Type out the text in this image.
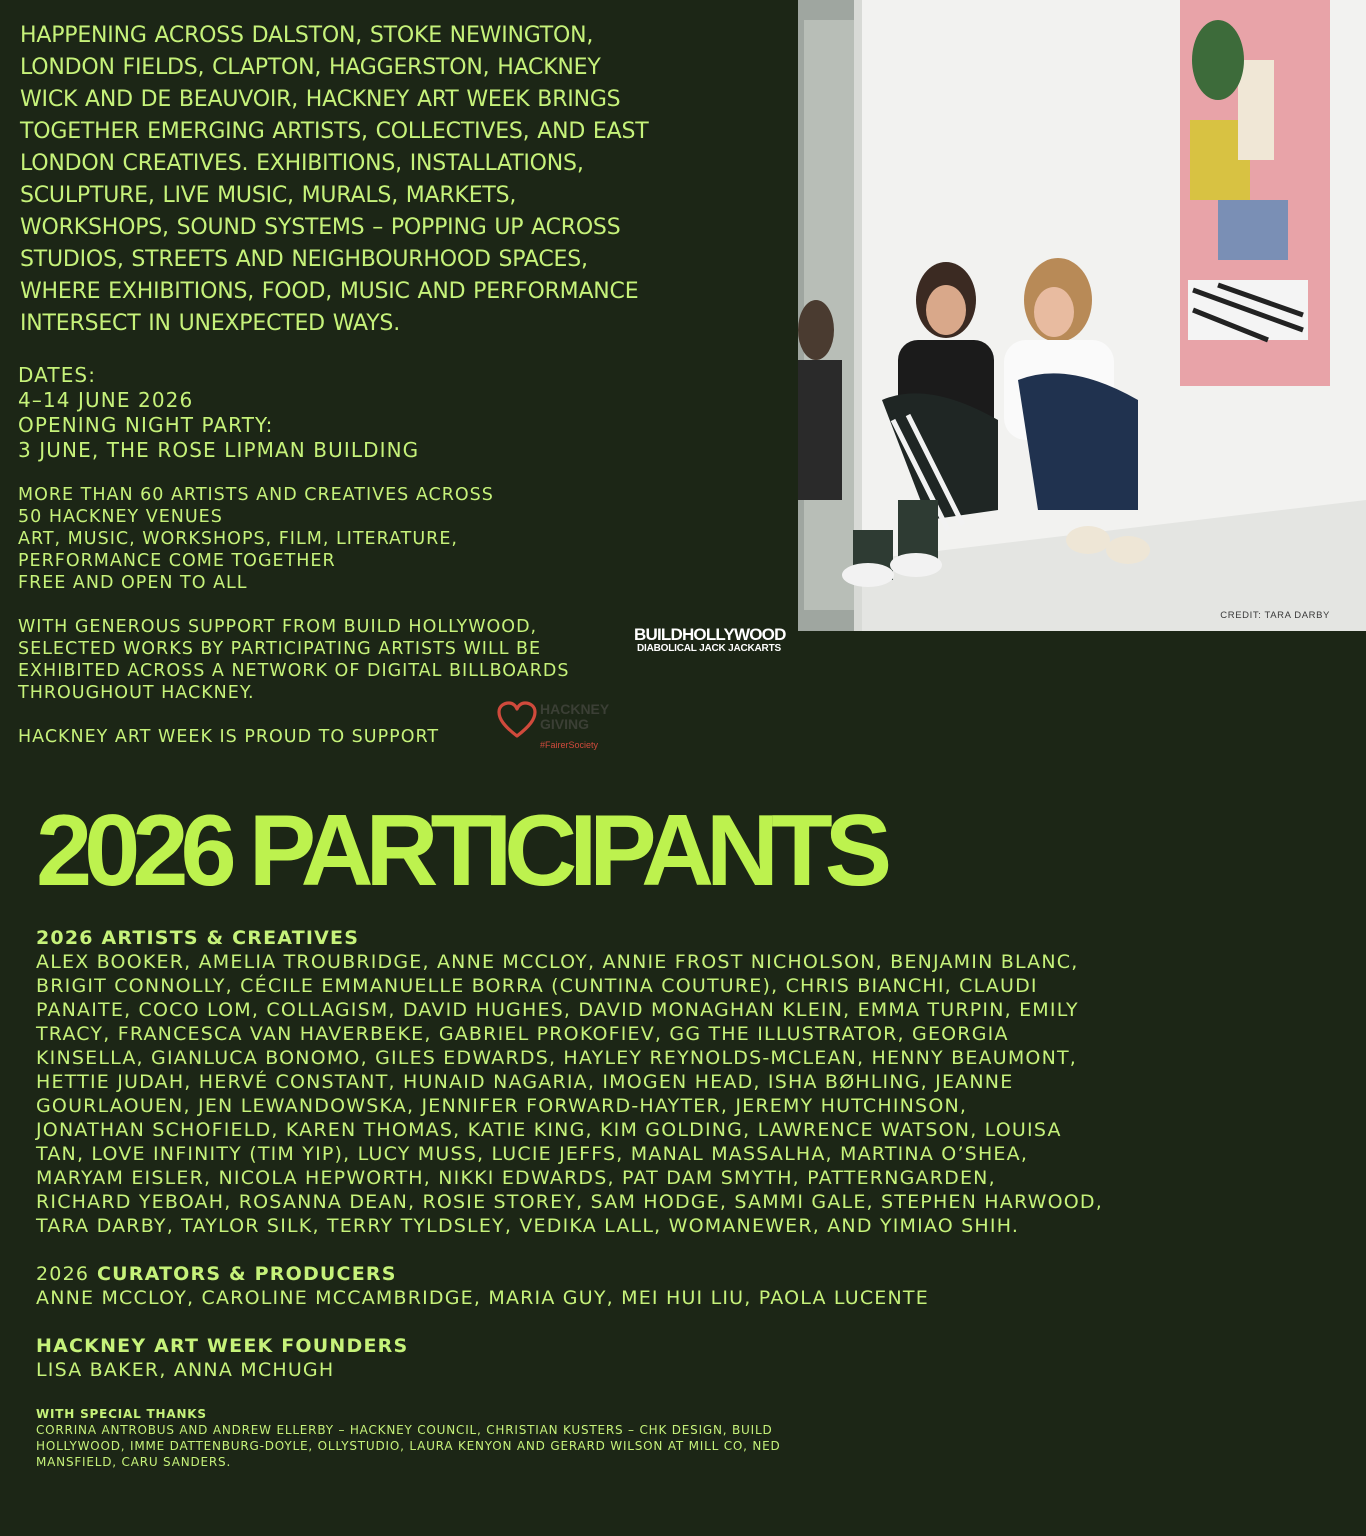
HAPPENING ACROSS DALSTON, STOKE NEWINGTON,
LONDON FIELDS, CLAPTON, HAGGERSTON, HACKNEY
WICK AND DE BEAUVOIR, HACKNEY ART WEEK BRINGS
TOGETHER EMERGING ARTISTS, COLLECTIVES, AND EAST
LONDON CREATIVES. EXHIBITIONS, INSTALLATIONS,
SCULPTURE, LIVE MUSIC, MURALS, MARKETS,
WORKSHOPS, SOUND SYSTEMS – POPPING UP ACROSS
STUDIOS, STREETS AND NEIGHBOURHOOD SPACES,
WHERE EXHIBITIONS, FOOD, MUSIC AND PERFORMANCE
INTERSECT IN UNEXPECTED WAYS.
DATES:
4–14 JUNE 2026
OPENING NIGHT PARTY:
3 JUNE, THE ROSE LIPMAN BUILDING
MORE THAN 60 ARTISTS AND CREATIVES ACROSS
50 HACKNEY VENUES
ART, MUSIC, WORKSHOPS, FILM, LITERATURE,
PERFORMANCE COME TOGETHER
FREE AND OPEN TO ALL
WITH GENEROUS SUPPORT FROM BUILD HOLLYWOOD,
SELECTED WORKS BY PARTICIPATING ARTISTS WILL BE
EXHIBITED ACROSS A NETWORK OF DIGITAL BILLBOARDS
THROUGHOUT HACKNEY.
BUILDHOLLYWOOD
DIABOLICAL JACK JACKARTS
HACKNEY ART WEEK IS PROUD TO SUPPORT
HACKNEY
GIVING
#FairerSociety
CREDIT: TARA DARBY
2026 PARTICIPANTS
2026 ARTISTS & CREATIVES
ALEX BOOKER, AMELIA TROUBRIDGE, ANNE MCCLOY, ANNIE FROST NICHOLSON, BENJAMIN BLANC,
BRIGIT CONNOLLY, CÉCILE EMMANUELLE BORRA (CUNTINA COUTURE), CHRIS BIANCHI, CLAUDI
PANAITE, COCO LOM, COLLAGISM, DAVID HUGHES, DAVID MONAGHAN KLEIN, EMMA TURPIN, EMILY
TRACY, FRANCESCA VAN HAVERBEKE, GABRIEL PROKOFIEV, GG THE ILLUSTRATOR, GEORGIA
KINSELLA, GIANLUCA BONOMO, GILES EDWARDS, HAYLEY REYNOLDS-MCLEAN, HENNY BEAUMONT,
HETTIE JUDAH, HERVÉ CONSTANT, HUNAID NAGARIA, IMOGEN HEAD, ISHA BØHLING, JEANNE
GOURLAOUEN, JEN LEWANDOWSKA, JENNIFER FORWARD-HAYTER, JEREMY HUTCHINSON,
JONATHAN SCHOFIELD, KAREN THOMAS, KATIE KING, KIM GOLDING, LAWRENCE WATSON, LOUISA
TAN, LOVE INFINITY (TIM YIP), LUCY MUSS, LUCIE JEFFS, MANAL MASSALHA, MARTINA O’SHEA,
MARYAM EISLER, NICOLA HEPWORTH, NIKKI EDWARDS, PAT DAM SMYTH, PATTERNGARDEN,
RICHARD YEBOAH, ROSANNA DEAN, ROSIE STOREY, SAM HODGE, SAMMI GALE, STEPHEN HARWOOD,
TARA DARBY, TAYLOR SILK, TERRY TYLDSLEY, VEDIKA LALL, WOMANEWER, AND YIMIAO SHIH.
2026 CURATORS & PRODUCERS
ANNE MCCLOY, CAROLINE MCCAMBRIDGE, MARIA GUY, MEI HUI LIU, PAOLA LUCENTE
HACKNEY ART WEEK FOUNDERS
LISA BAKER, ANNA MCHUGH
WITH SPECIAL THANKS
CORRINA ANTROBUS AND ANDREW ELLERBY – HACKNEY COUNCIL, CHRISTIAN KUSTERS – CHK DESIGN, BUILD
HOLLYWOOD, IMME DATTENBURG-DOYLE, OLLYSTUDIO, LAURA KENYON AND GERARD WILSON AT MILL CO, NED
MANSFIELD, CARU SANDERS.
